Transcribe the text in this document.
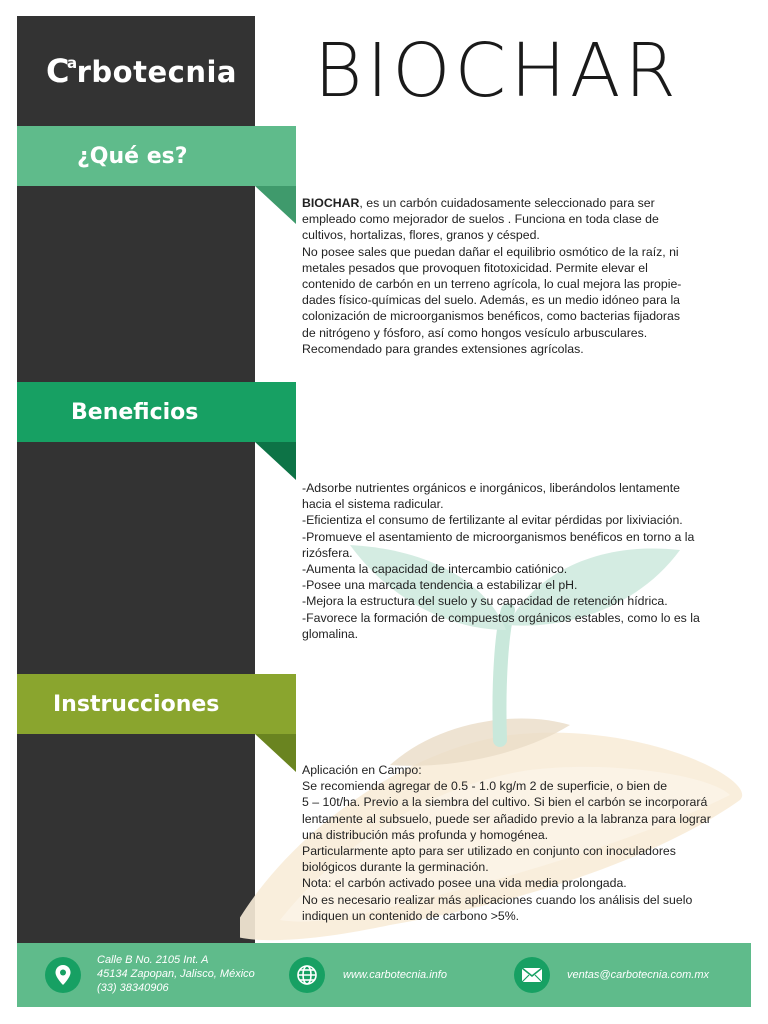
$C^arbotecnia$ BIOCHAR
¿Qué es?
Beneficios
Instrucciones

BIOCHAR, es un carbón cuidadosamente seleccionado para ser

empleado como mejorador de suelos . Funciona en toda clase de

cultivos, hortalizas, flores, granos y césped.

No posee sales que puedan dañar el equilibrio osmótico de la raíz, ni

metales pesados que provoquen fitotoxicidad. Permite elevar el

contenido de carbón en un terreno agrícola, lo cual mejora las propie-

dades físico-químicas del suelo. Además, es un medio idóneo para la

colonización de microorganismos benéficos, como bacterias fijadoras

de nitrógeno y fósforo, así como hongos vesículo arbusculares.

Recomendado para grandes extensiones agrícolas.

-Adsorbe nutrientes orgánicos e inorgánicos, liberándolos lentamente

hacia el sistema radicular.

-Eficientiza el consumo de fertilizante al evitar pérdidas por lixiviación.

-Promueve el asentamiento de microorganismos benéficos en torno a la

rizósfera.

-Aumenta la capacidad de intercambio catiónico.

-Posee una marcada tendencia a estabilizar el pH.

-Mejora la estructura del suelo y su capacidad de retención hídrica.

-Favorece la formación de compuestos orgánicos estables, como lo es la

glomalina.

Aplicación en Campo:

Se recomienda agregar de 0.5 - 1.0 kg/m 2 de superficie, o bien de

5 – 10t/ha. Previo a la siembra del cultivo. Si bien el carbón se incorporará

lentamente al subsuelo, puede ser añadido previo a la labranza para lograr

una distribución más profunda y homogénea.

Particularmente apto para ser utilizado en conjunto con inoculadores

biológicos durante la germinación.

Nota: el carbón activado posee una vida media prolongada.

No es necesario realizar más aplicaciones cuando los análisis del suelo

indiquen un contenido de carbono >5%.

Calle B No. 2105 Int. A
45134 Zapopan, Jalisco, México
(33) 38340906
www.carbotecnia.info	ventas@carbotecnia.com.mx
